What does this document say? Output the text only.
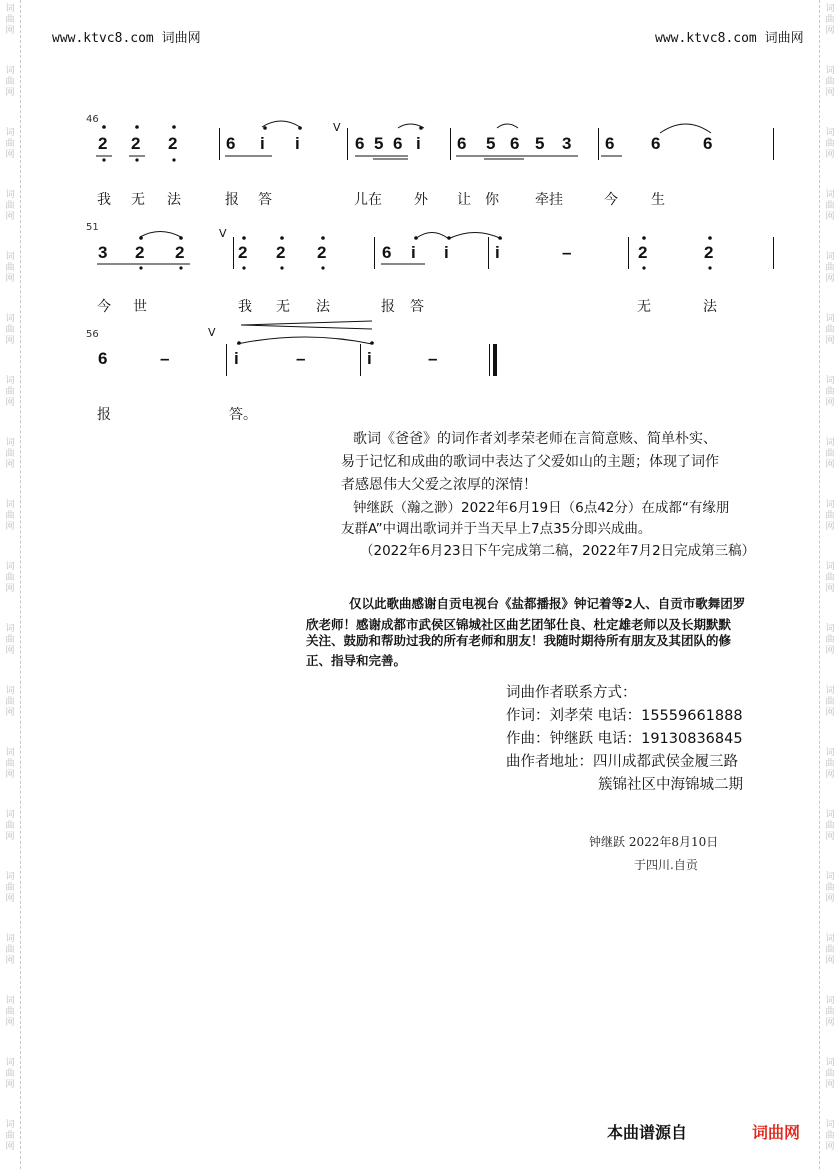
词
曲
网
词
曲
网
词
曲
网
词
曲
网
词
曲
网
词
曲
网
词
曲
网
词
曲
网
词
曲
网
词
曲
网
词
曲
网
词
曲
网
词
曲
网
词
曲
网
词
曲
网
词
曲
网
词
曲
网
词
曲
网
词
曲
网
词
曲
网
词
曲
网
词
曲
网
词
曲
网
词
曲
网
词
曲
网
词
曲
网
词
曲
网
词
曲
网
词
曲
网
词
曲
网
词
曲
网
词
曲
网
词
曲
网
词
曲
网
词
曲
网
词
曲
网
词
曲
网
词
曲
网
www.ktvc8.com 词曲网	www.ktvc8.com 词曲网
46
V
V
V
2 2 2	6 i i	6 5 6 i 6 5 6 5 3 6 6	6
我 无 法	报 答	儿在 外 让 你	牵挂	今 生
51
3 2 2	2 2 2	6 i i	i	–	2	2
今 世	我 无 法	报 答	无	法
56
6	–	i	–	i	–
报	答。
歌词《爸爸》的词作者刘孝荣老师在言简意赅、简单朴实、
易于记忆和成曲的歌词中表达了父爱如山的主题；体现了词作
者感恩伟大父爱之浓厚的深情！
钟继跃（瀚之渺）2022年6月19日（6点42分）在成都“有缘朋
友群A”中调出歌词并于当天早上7点35分即兴成曲。
（2022年6月23日下午完成第二稿，2022年7月2日完成第三稿）
仅以此歌曲感谢自贡电视台《盐都播报》钟记着等2人、自贡市歌舞团罗
欣老师！感谢成都市武侯区锦城社区曲艺团邹仕良、杜定雄老师以及长期默默
关注、鼓励和帮助过我的所有老师和朋友！我随时期待所有朋友及其团队的修
正、指导和完善。
词曲作者联系方式：
作词：刘孝荣 电话：15559661888
作曲：钟继跃 电话：19130836845
曲作者地址：四川成都武侯金履三路
簇锦社区中海锦城二期
钟继跃 2022年8月10日
于四川.自贡
本曲谱源自	词曲网
